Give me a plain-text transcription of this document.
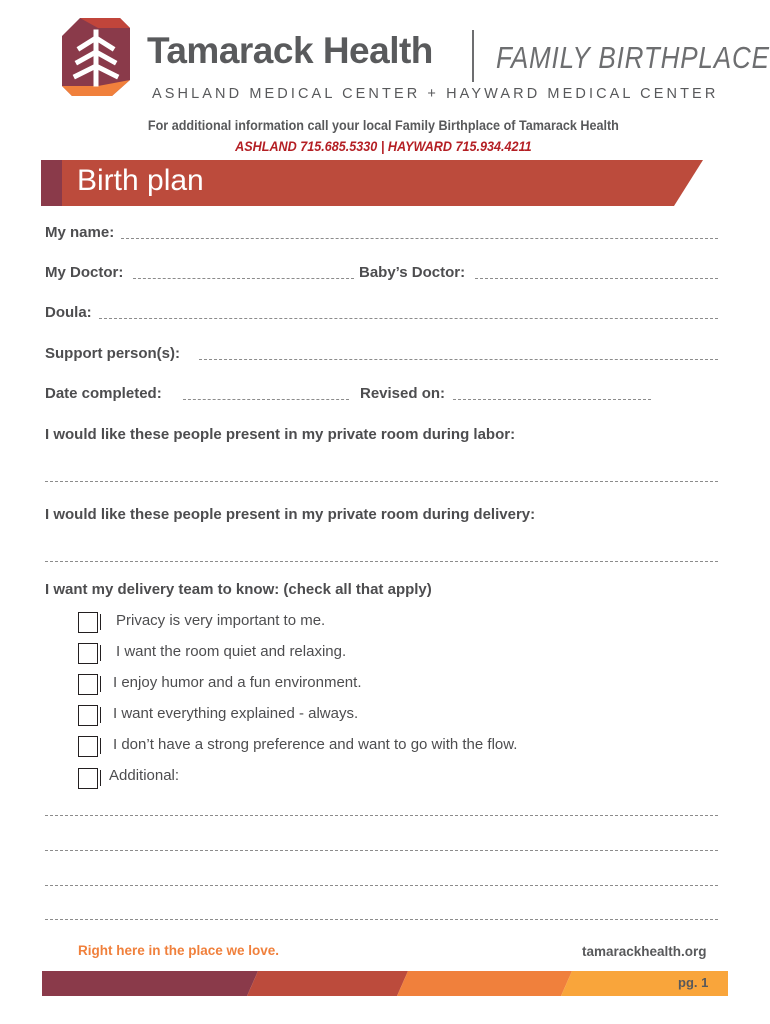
Tamarack Health FAMILY BIRTHPLACE
ASHLAND MEDICAL CENTER + HAYWARD MEDICAL CENTER
For additional information call your local Family Birthplace of Tamarack Health
ASHLAND 715.685.5330 | HAYWARD 715.934.4211
Birth plan
My name:
My Doctor:	Baby’s Doctor:
Doula:
Support person(s):
Date completed:	Revised on:
I would like these people present in my private room during labor:
I would like these people present in my private room during delivery:
I want my delivery team to know: (check all that apply)
Privacy is very important to me.
I want the room quiet and relaxing.
I enjoy humor and a fun environment.
I want everything explained - always.
I don’t have a strong preference and want to go with the flow.
Additional:
Right here in the place we love.	tamarackhealth.org
pg. 1
